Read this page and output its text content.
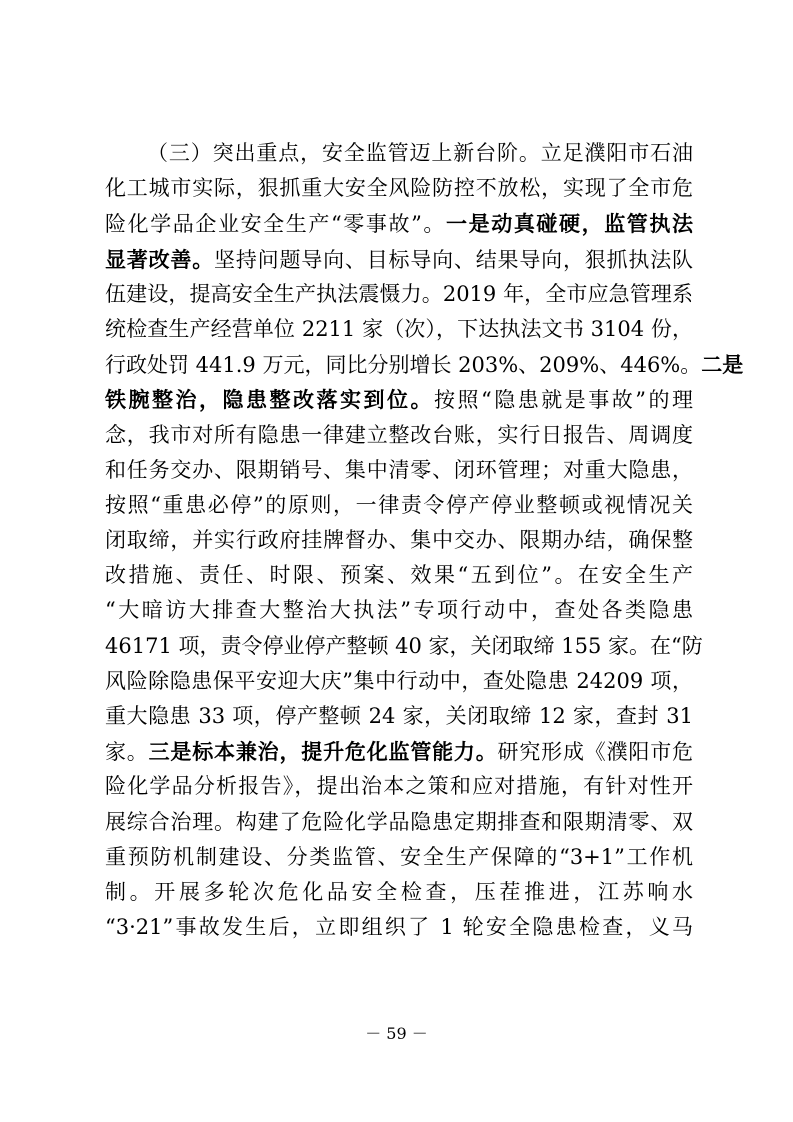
（三）突出重点，安全监管迈上新台阶。立足濮阳市石油
化工城市实际，狠抓重大安全风险防控不放松，实现了全市危
险化学品企业安全生产“零事故”。一是动真碰硬，监管执法
显著改善。坚持问题导向、目标导向、结果导向，狠抓执法队
伍建设，提高安全生产执法震慑力。2019 年，全市应急管理系
统检查生产经营单位 2211 家（次），下达执法文书 3104 份，
行政处罚 441.9 万元，同比分别增长 203%、209%、446%。二是
铁腕整治，隐患整改落实到位。按照“隐患就是事故”的理
念，我市对所有隐患一律建立整改台账，实行日报告、周调度
和任务交办、限期销号、集中清零、闭环管理；对重大隐患，
按照“重患必停”的原则，一律责令停产停业整顿或视情况关
闭取缔，并实行政府挂牌督办、集中交办、限期办结，确保整
改措施、责任、时限、预案、效果“五到位”。在安全生产
“大暗访大排查大整治大执法”专项行动中，查处各类隐患
46171 项，责令停业停产整顿 40 家，关闭取缔 155 家。在“防
风险除隐患保平安迎大庆”集中行动中，查处隐患 24209 项，
重大隐患 33 项，停产整顿 24 家，关闭取缔 12 家，查封 31
家。三是标本兼治，提升危化监管能力。研究形成《濮阳市危
险化学品分析报告》，提出治本之策和应对措施，有针对性开
展综合治理。构建了危险化学品隐患定期排查和限期清零、双
重预防机制建设、分类监管、安全生产保障的“3+1”工作机
制。开展多轮次危化品安全检查，压茬推进，江苏响水
“3·21”事故发生后，立即组织了 1 轮安全隐患检查，义马
－ 59 －
